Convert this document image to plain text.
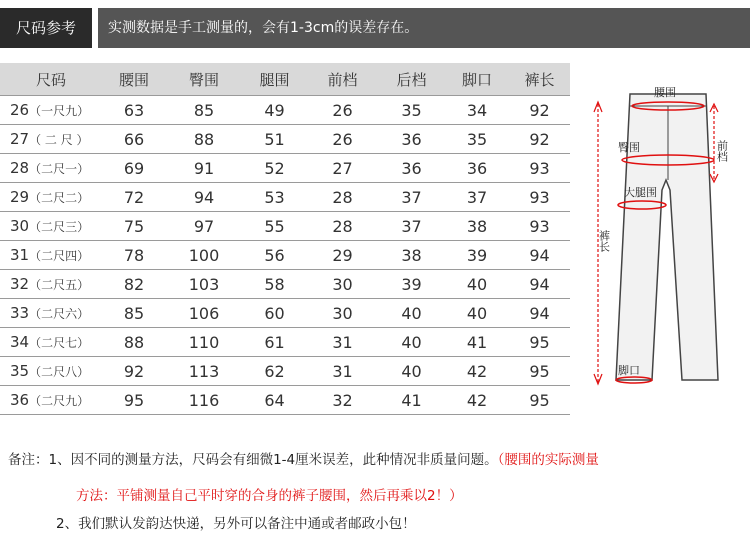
尺码参考	实测数据是手工测量的，会有1-3cm的误差存在。
尺码	腰围	臀围	腿围	前档	后档	脚口	裤长
26（一尺九）	63	85	49	26	35	34	92
27（ 二 尺 ）	66	88	51	26	36	35	92
28（二尺一）	69	91	52	27	36	36	93
29（二尺二）	72	94	53	28	37	37	93
30（二尺三）	75	97	55	28	37	38	93
31（二尺四）	78	100	56	29	38	39	94
32（二尺五）	82	103	58	30	39	40	94
33（二尺六）	85	106	60	30	40	40	94
34（二尺七）	88	110	61	31	40	41	95
35（二尺八）	92	113	62	31	40	42	95
36（二尺九）	95	116	64	32	41	42	95
腰围
臀围	前档
大腿围
裤长
脚口
备注：1、因不同的测量方法，尺码会有细微1-4厘米误差，此种情况非质量问题。（腰围的实际测量
方法：平铺测量自己平时穿的合身的裤子腰围，然后再乘以2！）
2、我们默认发韵达快递，另外可以备注中通或者邮政小包！
